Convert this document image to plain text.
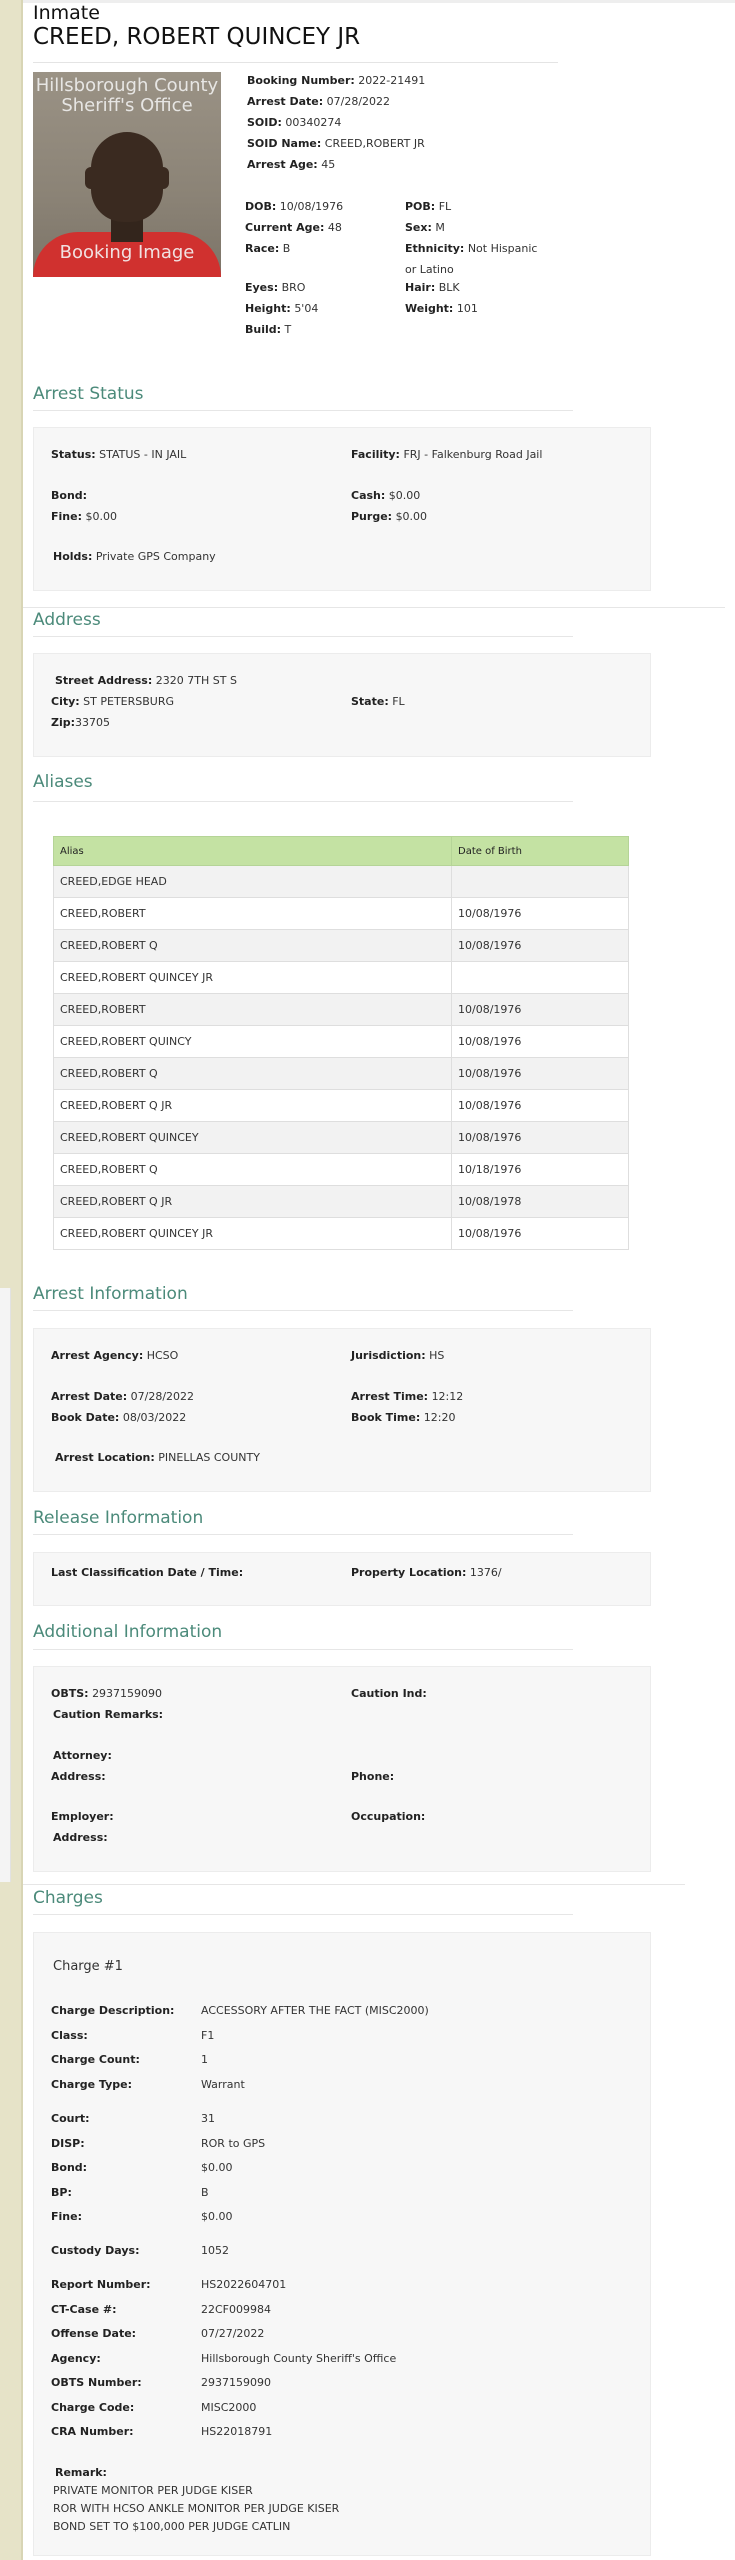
Inmate
CREED, ROBERT QUINCEY JR
Hillsborough County
Sheriff's Office
Booking Image
Booking Number: 2022-21491
Arrest Date: 07/28/2022
SOID: 00340274
SOID Name: CREED,ROBERT JR
Arrest Age: 45
DOB: 10/08/1976	POB: FL
Current Age: 48	Sex: M
Race: B	Ethnicity: Not Hispanic
or Latino
Eyes: BRO	Hair: BLK
Height: 5'04	Weight: 101
Build: T
Arrest Status
Status: STATUS - IN JAIL	Facility: FRJ - Falkenburg Road Jail
Bond:	Cash: $0.00
Fine: $0.00	Purge: $0.00
Holds: Private GPS Company
Address
Street Address: 2320 7TH ST S
City: ST PETERSBURG	State: FL
Zip:33705
Aliases
Alias	Date of Birth
CREED,EDGE HEAD	
CREED,ROBERT	10/08/1976
CREED,ROBERT Q	10/08/1976
CREED,ROBERT QUINCEY JR	
CREED,ROBERT	10/08/1976
CREED,ROBERT QUINCY	10/08/1976
CREED,ROBERT Q	10/08/1976
CREED,ROBERT Q JR	10/08/1976
CREED,ROBERT QUINCEY	10/08/1976
CREED,ROBERT Q	10/18/1976
CREED,ROBERT Q JR	10/08/1978
CREED,ROBERT QUINCEY JR	10/08/1976
Arrest Information
Arrest Agency: HCSO	Jurisdiction: HS
Arrest Date: 07/28/2022	Arrest Time: 12:12
Book Date: 08/03/2022	Book Time: 12:20
Arrest Location: PINELLAS COUNTY
Release Information
Last Classification Date / Time:	Property Location: 1376/
Additional Information
OBTS: 2937159090	Caution Ind:
Caution Remarks:
Attorney:
Address:	Phone:
Employer:	Occupation:
Address:
Charges
Charge #1
Charge Description: ACCESSORY AFTER THE FACT (MISC2000)
Class:	F1
Charge Count:	1
Charge Type:	Warrant
Court:	31
DISP:	ROR to GPS
Bond:	$0.00
BP:	B
Fine:	$0.00
Custody Days:	1052
Report Number:	HS2022604701
CT-Case #:	22CF009984
Offense Date:	07/27/2022
Agency:	Hillsborough County Sheriff's Office
OBTS Number:	2937159090
Charge Code:	MISC2000
CRA Number:	HS22018791
Remark:
PRIVATE MONITOR PER JUDGE KISER
ROR WITH HCSO ANKLE MONITOR PER JUDGE KISER
BOND SET TO $100,000 PER JUDGE CATLIN
